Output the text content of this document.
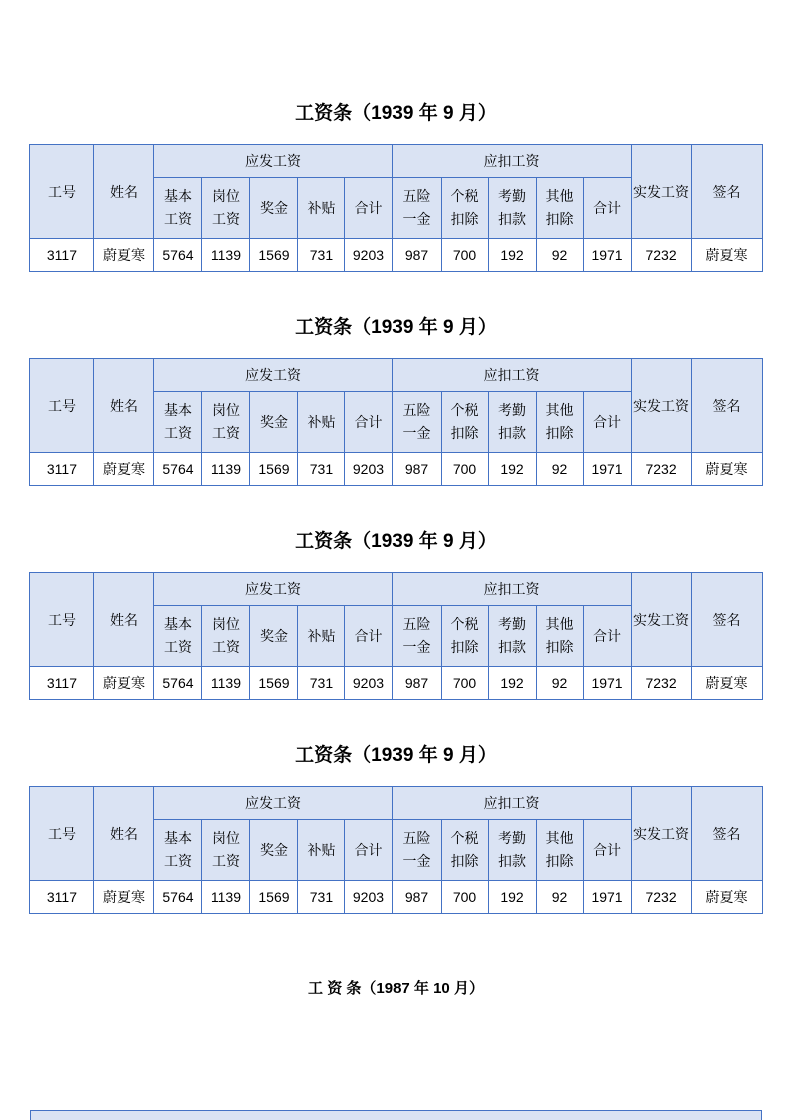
工资条（1939 年 9 月）
工号	姓名	应发工资					应扣工资					实发工资	签名
		基本工资	岗位工资	奖金	补贴	合计	五险一金	个税扣除	考勤扣款	其他扣除	合计		
3117	蔚夏寒	5764	1139	1569	731	9203	987	700	192	92	1971	7232	蔚夏寒
工资条（1939 年 9 月）
工号	姓名	应发工资					应扣工资					实发工资	签名
		基本工资	岗位工资	奖金	补贴	合计	五险一金	个税扣除	考勤扣款	其他扣除	合计		
3117	蔚夏寒	5764	1139	1569	731	9203	987	700	192	92	1971	7232	蔚夏寒
工资条（1939 年 9 月）
工号	姓名	应发工资					应扣工资					实发工资	签名
		基本工资	岗位工资	奖金	补贴	合计	五险一金	个税扣除	考勤扣款	其他扣除	合计		
3117	蔚夏寒	5764	1139	1569	731	9203	987	700	192	92	1971	7232	蔚夏寒
工资条（1939 年 9 月）
工号	姓名	应发工资					应扣工资					实发工资	签名
		基本工资	岗位工资	奖金	补贴	合计	五险一金	个税扣除	考勤扣款	其他扣除	合计		
3117	蔚夏寒	5764	1139	1569	731	9203	987	700	192	92	1971	7232	蔚夏寒
工 资 条（1987 年 10 月）
